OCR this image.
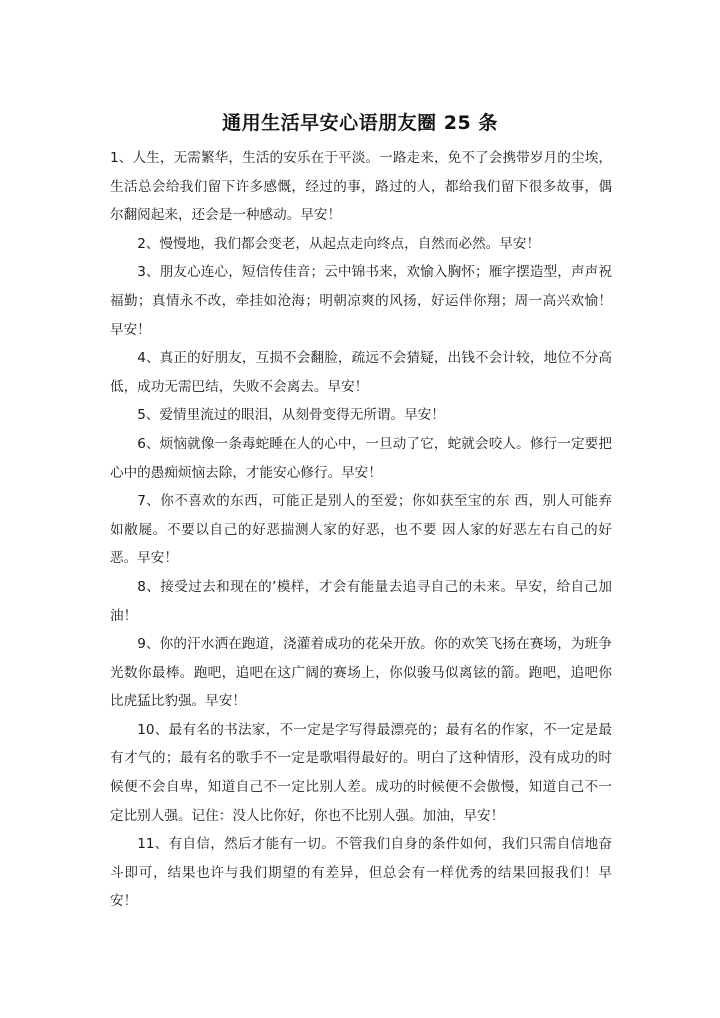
通用生活早安心语朋友圈 25 条

1、人生，无需繁华，生活的安乐在于平淡。一路走来，免不了会携带岁月的尘埃，生活总会给我们留下许多感慨，经过的事，路过的人，都给我们留下很多故事，偶尔翻阅起来，还会是一种感动。早安！

2、慢慢地，我们都会变老，从起点走向终点，自然而必然。早安！

3、朋友心连心，短信传佳音；云中锦书来，欢愉入胸怀；雁字摆造型，声声祝福勤；真情永不改，牵挂如沧海；明朝凉爽的风扬，好运伴你翔；周一高兴欢愉！早安！

4、真正的好朋友，互损不会翻脸，疏远不会猜疑，出钱不会计较，地位不分高低，成功无需巴结，失败不会离去。早安！

5、爱情里流过的眼泪，从刻骨变得无所谓。早安！

6、烦恼就像一条毒蛇睡在人的心中，一旦动了它，蛇就会咬人。修行一定要把心中的愚痴烦恼去除，才能安心修行。早安！

7、你不喜欢的东西，可能正是别人的至爱；你如获至宝的东 西，别人可能弃如敝屣。不要以自己的好恶揣测人家的好恶，也不要 因人家的好恶左右自己的好恶。早安！

8、接受过去和现在的’模样，才会有能量去追寻自己的未来。早安，给自己加油！

9、你的汗水洒在跑道，浇灌着成功的花朵开放。你的欢笑飞扬在赛场，为班争光数你最棒。跑吧，追吧在这广阔的赛场上，你似骏马似离铉的箭。跑吧，追吧你比虎猛比豹强。早安！

10、最有名的书法家，不一定是字写得最漂亮的；最有名的作家，不一定是最有才气的；最有名的歌手不一定是歌唱得最好的。明白了这种情形，没有成功的时候便不会自卑，知道自己不一定比别人差。成功的时候便不会傲慢，知道自己不一定比别人强。记住：没人比你好，你也不比别人强。加油，早安！

11、有自信，然后才能有一切。不管我们自身的条件如何，我们只需自信地奋斗即可，结果也许与我们期望的有差异，但总会有一样优秀的结果回报我们！早安！
